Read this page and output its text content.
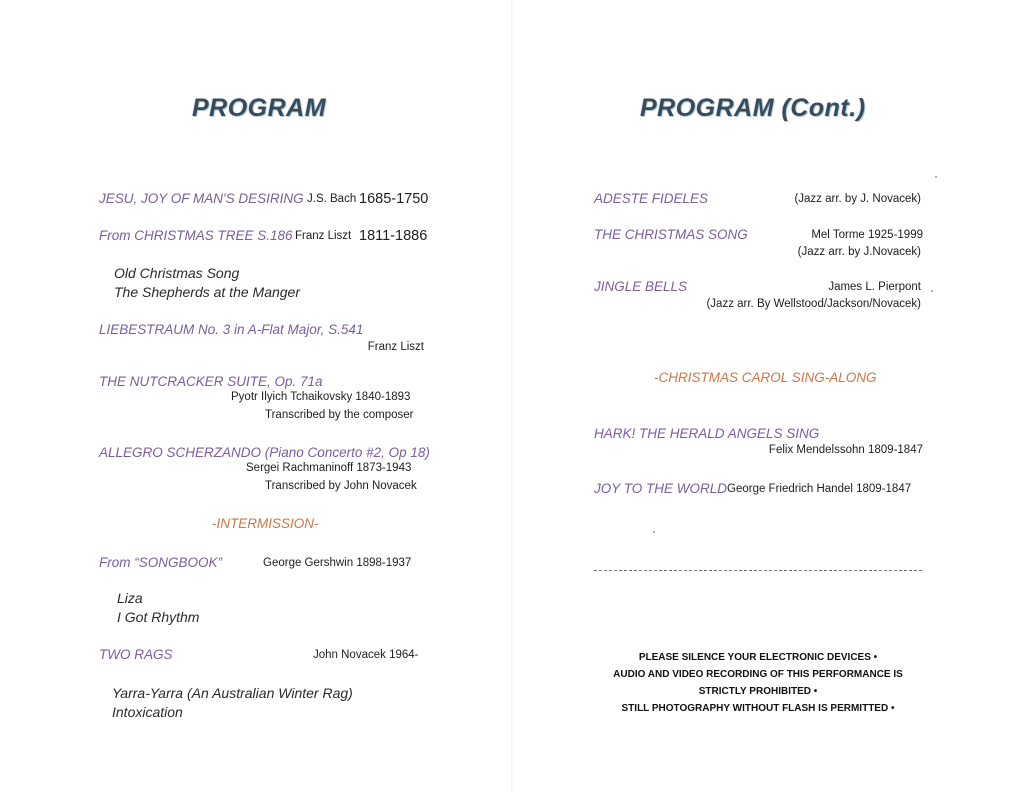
PROGRAM
JESU, JOY OF MAN'S DESIRING J.S. Bach 1685-1750
From CHRISTMAS TREE S.186 Franz Liszt 1811-1886
Old Christmas Song
The Shepherds at the Manger
LIEBESTRAUM No. 3 in A-Flat Major, S.541
Franz Liszt
THE NUTCRACKER SUITE, Op. 71a
Pyotr Ilyich Tchaikovsky 1840-1893
Transcribed by the composer
ALLEGRO SCHERZANDO (Piano Concerto #2, Op 18)
Sergei Rachmaninoff 1873-1943
Transcribed by John Novacek
-INTERMISSION-
From “SONGBOOK”	George Gershwin 1898-1937
Liza
I Got Rhythm
TWO RAGS	John Novacek 1964-
Yarra-Yarra (An Australian Winter Rag)
Intoxication
PROGRAM (Cont.)
ADESTE FIDELES	(Jazz arr. by J. Novacek)
THE CHRISTMAS SONG	Mel Torme 1925-1999
(Jazz arr. by J.Novacek)
JINGLE BELLS	James L. Pierpont
(Jazz arr. By Wellstood/Jackson/Novacek)
-CHRISTMAS CAROL SING-ALONG
HARK! THE HERALD ANGELS SING
Felix Mendelssohn 1809-1847
JOY TO THE WORLD George Friedrich Handel 1809-1847
PLEASE SILENCE YOUR ELECTRONIC DEVICES •
AUDIO AND VIDEO RECORDING OF THIS PERFORMANCE IS
STRICTLY PROHIBITED •
STILL PHOTOGRAPHY WITHOUT FLASH IS PERMITTED •
